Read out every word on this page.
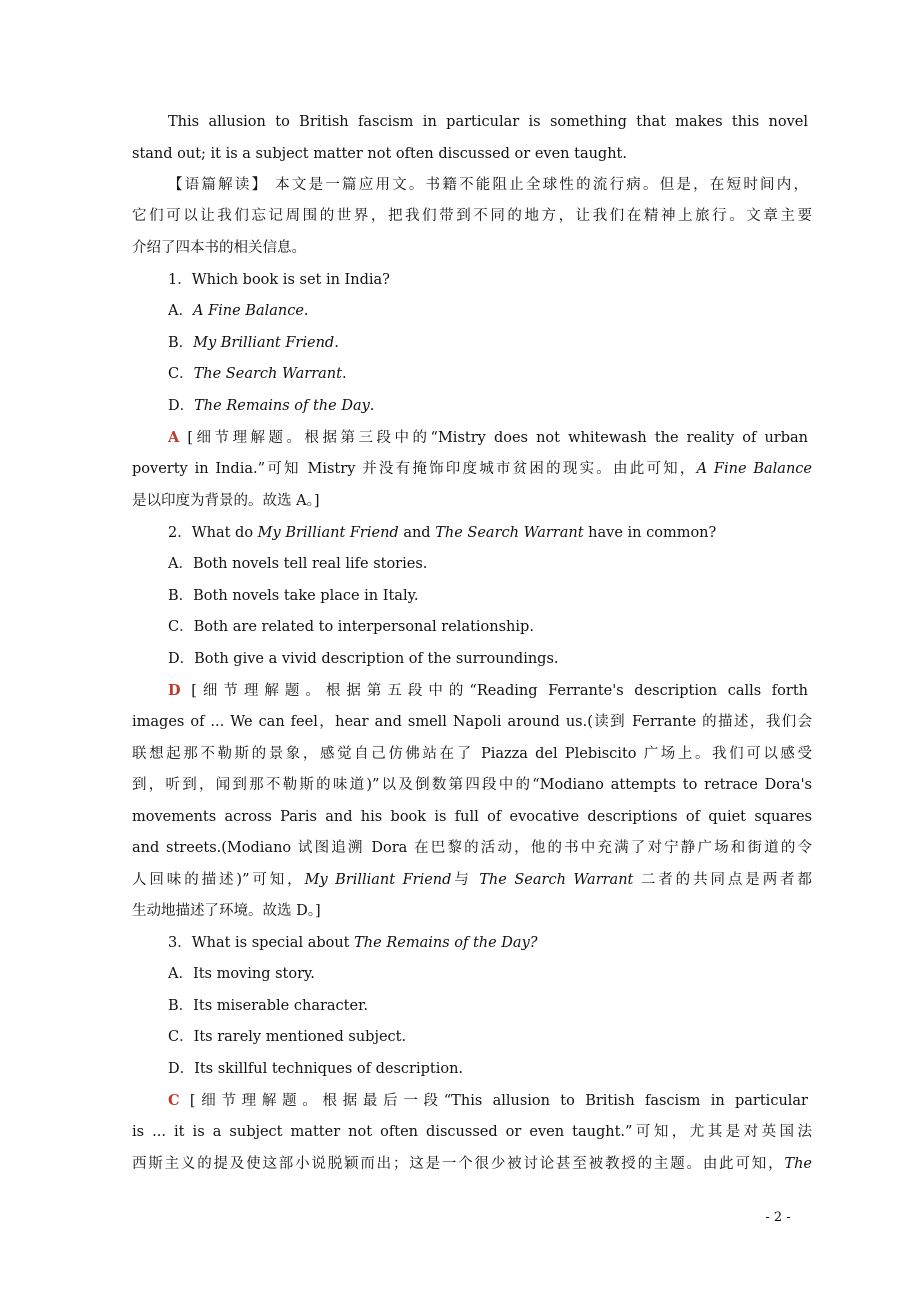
This allusion to British fascism in particular is something that makes this novel
stand out; it is a subject matter not often discussed or even taught.
【语篇解读】 本文是一篇应用文。书籍不能阻止全球性的流行病。但是，在短时间内，
它们可以让我们忘记周围的世界，把我们带到不同的地方，让我们在精神上旅行。文章主要
介绍了四本书的相关信息。
1．Which book is set in India?
A．A Fine Balance.
B．My Brilliant Friend.
C．The Search Warrant.
D．The Remains of the Day.
A [细节理解题。根据第三段中的“Mistry does not whitewash the reality of urban
poverty in India.”可知 Mistry 并没有掩饰印度城市贫困的现实。由此可知，A Fine Balance
是以印度为背景的。故选 A。]
2．What do My Brilliant Friend and The Search Warrant have in common?
A．Both novels tell real life stories.
B．Both novels take place in Italy.
C．Both are related to interpersonal relationship.
D．Both give a vivid description of the surroundings.
D [细节理解题。根据第五段中的“Reading Ferrante's description calls forth
images of ... We can feel，hear and smell Napoli around us.(读到 Ferrante 的描述，我们会
联想起那不勒斯的景象，感觉自己仿佛站在了 Piazza del Plebiscito 广场上。我们可以感受
到，听到，闻到那不勒斯的味道)”以及倒数第四段中的“Modiano attempts to retrace Dora's
movements across Paris and his book is full of evocative descriptions of quiet squares
and streets.(Modiano 试图追溯 Dora 在巴黎的活动，他的书中充满了对宁静广场和街道的令
人回味的描述)”可知，My Brilliant Friend与 The Search Warrant 二者的共同点是两者都
生动地描述了环境。故选 D。]
3．What is special about The Remains of the Day?
A．Its moving story.
B．Its miserable character.
C．Its rarely mentioned subject.
D．Its skillful techniques of description.
C [细节理解题。根据最后一段“This allusion to British fascism in particular
is ... it is a subject matter not often discussed or even taught.”可知，尤其是对英国法
西斯主义的提及使这部小说脱颖而出；这是一个很少被讨论甚至被教授的主题。由此可知，The
- 2 -
